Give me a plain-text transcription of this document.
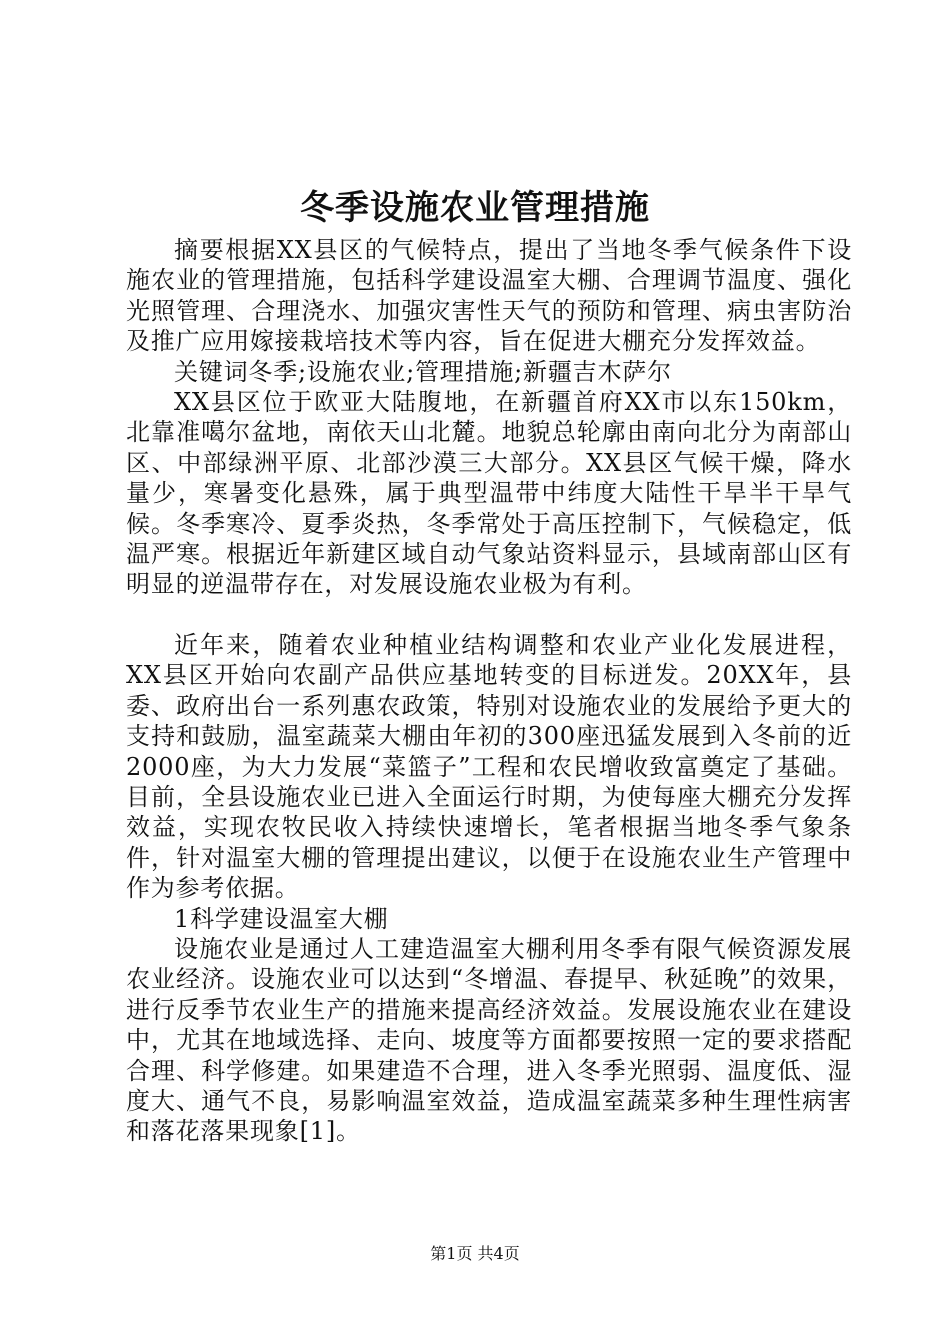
冬季设施农业管理措施

摘要根据XX县区的气候特点，提出了当地冬季气候条件下设施农业的管理措施，包括科学建设温室大棚、合理调节温度、强化光照管理、合理浇水、加强灾害性天气的预防和管理、病虫害防治及推广应用嫁接栽培技术等内容，旨在促进大棚充分发挥效益。

关键词冬季;设施农业;管理措施;新疆吉木萨尔

XX县区位于欧亚大陆腹地，在新疆首府XX市以东150km，北靠准噶尔盆地，南依天山北麓。地貌总轮廓由南向北分为南部山区、中部绿洲平原、北部沙漠三大部分。XX县区气候干燥，降水量少，寒暑变化悬殊，属于典型温带中纬度大陆性干旱半干旱气候。冬季寒冷、夏季炎热，冬季常处于高压控制下，气候稳定，低温严寒。根据近年新建区域自动气象站资料显示，县域南部山区有明显的逆温带存在，对发展设施农业极为有利。

近年来，随着农业种植业结构调整和农业产业化发展进程，XX县区开始向农副产品供应基地转变的目标迸发。20XX年，县委、政府出台一系列惠农政策，特别对设施农业的发展给予更大的支持和鼓励，温室蔬菜大棚由年初的300座迅猛发展到入冬前的近2000座，为大力发展“菜篮子”工程和农民增收致富奠定了基础。目前，全县设施农业已进入全面运行时期，为使每座大棚充分发挥效益，实现农牧民收入持续快速增长，笔者根据当地冬季气象条件，针对温室大棚的管理提出建议，以便于在设施农业生产管理中作为参考依据。

1科学建设温室大棚

设施农业是通过人工建造温室大棚利用冬季有限气候资源发展农业经济。设施农业可以达到“冬增温、春提早、秋延晚”的效果，进行反季节农业生产的措施来提高经济效益。发展设施农业在建设中，尤其在地域选择、走向、坡度等方面都要按照一定的要求搭配合理、科学修建。如果建造不合理，进入冬季光照弱、温度低、湿度大、通气不良，易影响温室效益，造成温室蔬菜多种生理性病害和落花落果现象[1]。

第1页 共4页
